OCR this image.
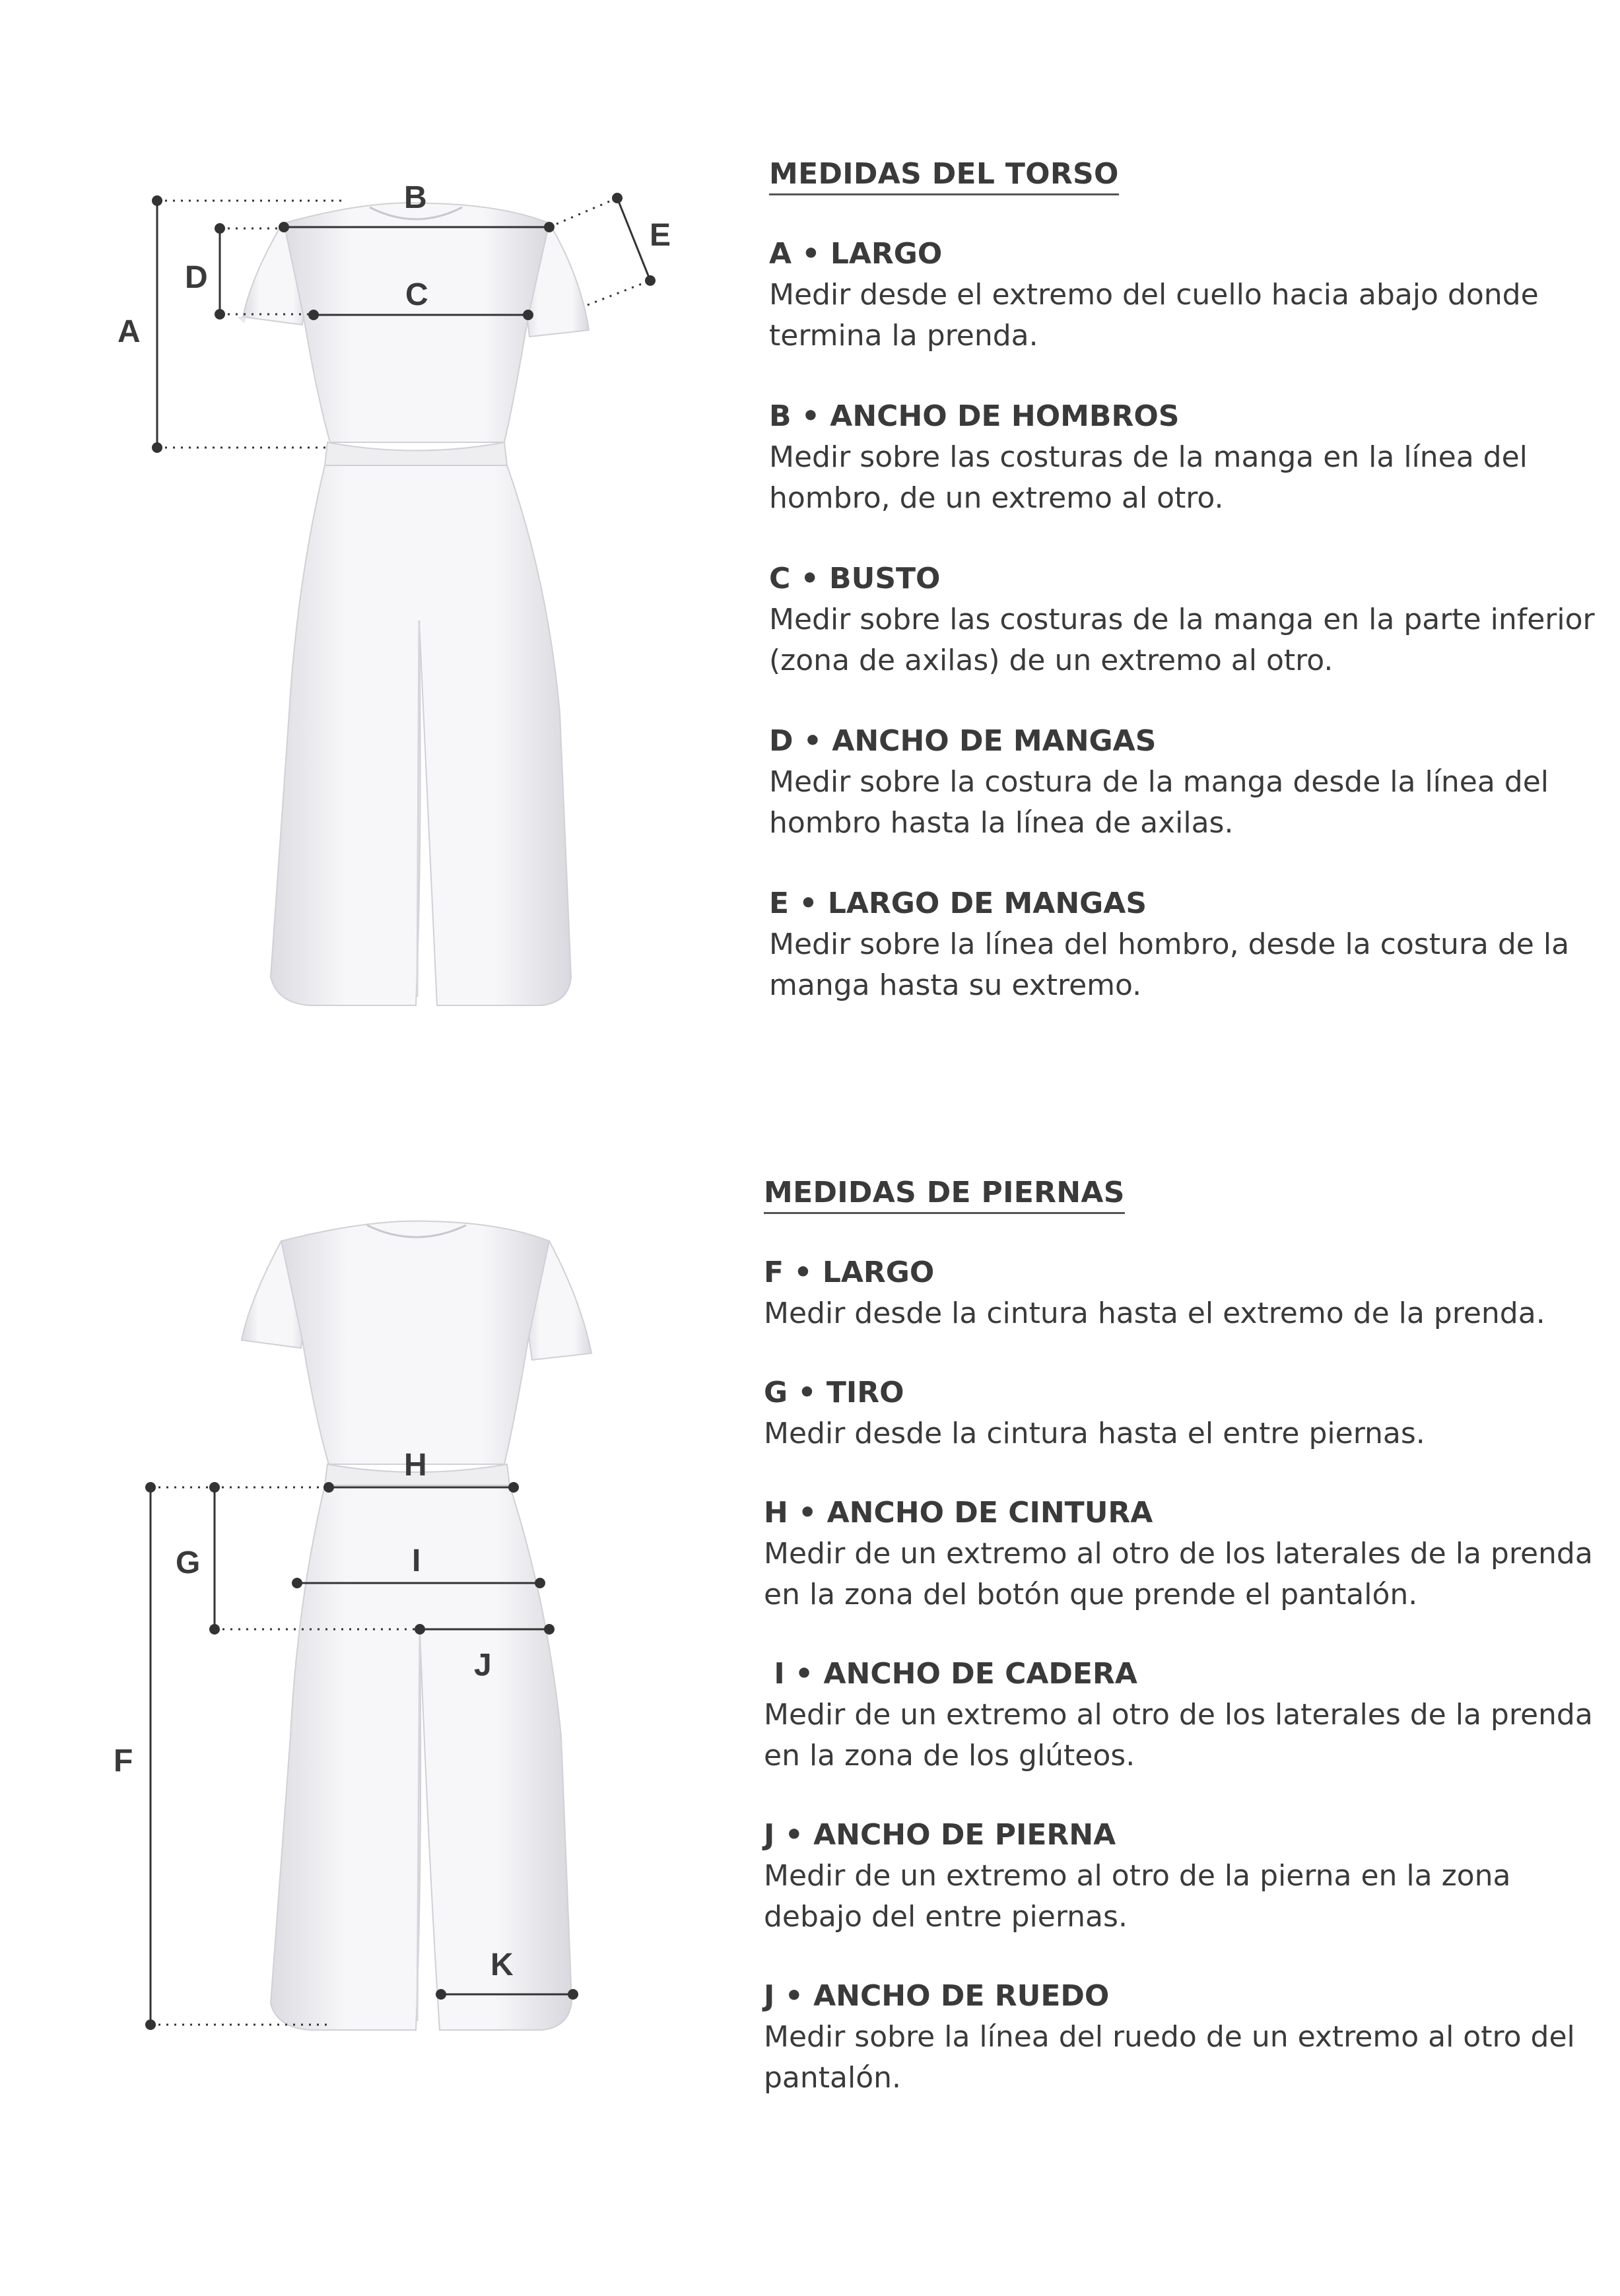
A
B
C
D
E
F
G
H
I
J
K
MEDIDAS DEL TORSO
A • LARGO
Medir desde el extremo del cuello hacia abajo donde termina la prenda.
B • ANCHO DE HOMBROS
Medir sobre las costuras de la manga en la línea del hombro, de un extremo al otro.
C • BUSTO
Medir sobre las costuras de la manga en la parte inferior (zona de axilas) de un extremo al otro.
D • ANCHO DE MANGAS
Medir sobre la costura de la manga desde la línea del hombro hasta la línea de axilas.
E • LARGO DE MANGAS
Medir sobre la línea del hombro, desde la costura de la manga hasta su extremo.
MEDIDAS DE PIERNAS
F • LARGO
Medir desde la cintura hasta el extremo de la prenda.
G • TIRO
Medir desde la cintura hasta el entre piernas.
H • ANCHO DE CINTURA
Medir de un extremo al otro de los laterales de la prenda en la zona del botón que prende el pantalón.
I • ANCHO DE CADERA
Medir de un extremo al otro de los laterales de la prenda en la zona de los glúteos.
J • ANCHO DE PIERNA
Medir de un extremo al otro de la pierna en la zona debajo del entre piernas.
J • ANCHO DE RUEDO
Medir sobre la línea del ruedo de un extremo al otro del pantalón.
